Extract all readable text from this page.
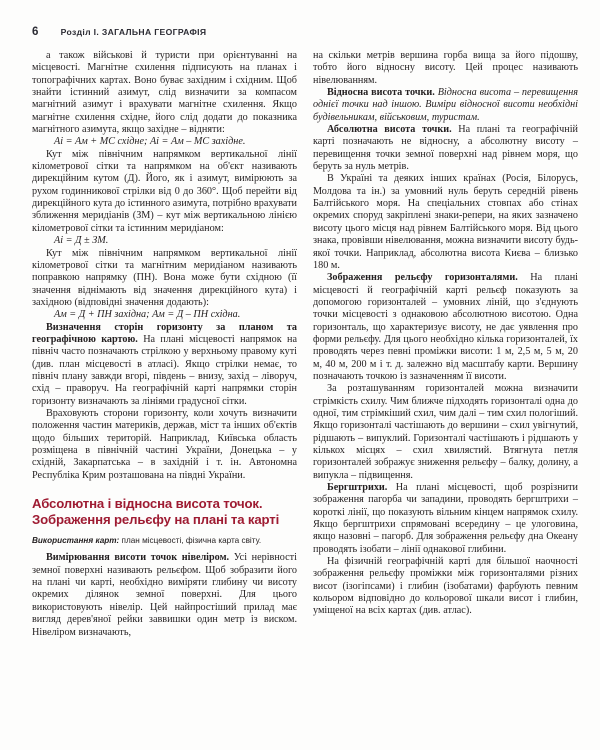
6	Розділ I. ЗАГАЛЬНА ГЕОГРАФІЯ

а також військові й туристи при орієнтуванні на місцевості. Магнітне схилення підписують на планах і топографічних картах. Воно буває західним і східним. Щоб знайти істинний азимут, слід визначити за компасом магнітний азимут і врахувати магнітне схилення. Якщо магнітне схилення східне, його слід додати до показника магнітного азимута, якщо західне – відняти:

Аі = Ам + МС східне; Аі = Ам – МС західне.

Кут між північним напрямком вертикальної лінії кілометрової сітки та напрямком на об'єкт називають дирекційним кутом (Д). Його, як і азимут, вимірюють за рухом годинникової стрілки від 0 до 360°. Щоб перейти від дирекційного кута до істинного азимута, потрібно врахувати зближення меридіанів (ЗМ) – кут між вертикальною лінією кілометрової сітки та істинним меридіаном:

Аі = Д ± ЗМ.

Кут між північним напрямком вертикальної лінії кілометрової сітки та магнітним меридіаном називають поправкою напрямку (ПН). Вона може бути східною (її значення віднімають від значення дирекційного кута) і західною (відповідні значення додають):

Ам = Д + ПН західна; Ам = Д – ПН східна.

Визначення сторін горизонту за планом та географічною картою. На плані місцевості напрямок на північ часто позначають стрілкою у верхньому правому куті (див. план місцевості в атласі). Якщо стрілки немає, то північ плану завжди вгорі, південь – внизу, захід – ліворуч, схід – праворуч. На географічній карті напрямки сторін горизонту визначають за лініями градусної сітки.

Враховують сторони горизонту, коли хочуть визначити положення частин материків, держав, міст та інших об'єктів щодо більших територій. Наприклад, Київська область розміщена в північній частині України, Донецька – у східній, Закарпатська – в західній і т. ін. Автономна Республіка Крим розташована на півдні України.

Абсолютна і відносна висота точок. Зображення рельєфу на плані та карті

Використання карт: план місцевості, фізична карта світу.

Вимірювання висоти точок нівеліром. Усі нерівності земної поверхні називають рельєфом. Щоб зобразити його на плані чи карті, необхідно виміряти глибину чи висоту окремих ділянок земної поверхні. Для цього використовують нівелір. Цей найпростіший прилад має вигляд дерев'яної рейки заввишки один метр із виском. Нівеліром визначають,

на скільки метрів вершина горба вища за його підошву, тобто його відносну висоту. Цей процес називають нівелюванням.

Відносна висота точки. Відносна висота – перевищення однієї точки над іншою. Виміри відносної висоти необхідні будівельникам, військовим, туристам.

Абсолютна висота точки. На плані та географічній карті позначають не відносну, а абсолютну висоту – перевищення точки земної поверхні над рівнем моря, що беруть за нуль метрів.

В Україні та деяких інших країнах (Росія, Білорусь, Молдова та ін.) за умовний нуль беруть середній рівень Балтійського моря. На спеціальних стовпах або стінах окремих споруд закріплені знаки-репери, на яких зазначено висоту цього місця над рівнем Балтійського моря. Від цього знака, провівши нівелювання, можна визначити висоту будь-якої точки. Наприклад, абсолютна висота Києва – близько 180 м.

Зображення рельєфу горизонталями. На плані місцевості й географічній карті рельєф показують за допомогою горизонталей – умовних ліній, що з'єднують точки місцевості з однаковою абсолютною висотою. Одна горизонталь, що характеризує висоту, не дає уявлення про форми рельєфу. Для цього необхідно кілька горизонталей, їх проводять через певні проміжки висоти: 1 м, 2,5 м, 5 м, 20 м, 40 м, 200 м і т. д. залежно від масштабу карти. Вершину позначають точкою із зазначенням її висоти.

За розташуванням горизонталей можна визначити стрімкість схилу. Чим ближче підходять горизонталі одна до одної, тим стрімкіший схил, чим далі – тим схил пологіший. Якщо горизонталі частішають до вершини – схил увігнутий, рідшають – випуклий. Горизонталі частішають і рідшають у кількох місцях – схил хвилястий. Втягнута петля горизонталей зображує зниження рельєфу – балку, долину, а випукла – підвищення.

Бергштрихи. На плані місцевості, щоб розрізнити зображення пагорба чи западини, проводять бергштрихи – короткі лінії, що показують вільним кінцем напрямок схилу. Якщо бергштрихи спрямовані всередину – це улоговина, якщо назовні – пагорб. Для зображення рельєфу дна Океану проводять ізобати – лінії однакової глибини.

На фізичній географічній карті для більшої наочності зображення рельєфу проміжки між горизонталями різних висот (ізогіпсами) і глибин (ізобатами) фарбують певним кольором відповідно до кольорової шкали висот і глибин, уміщеної на всіх картах (див. атлас).
